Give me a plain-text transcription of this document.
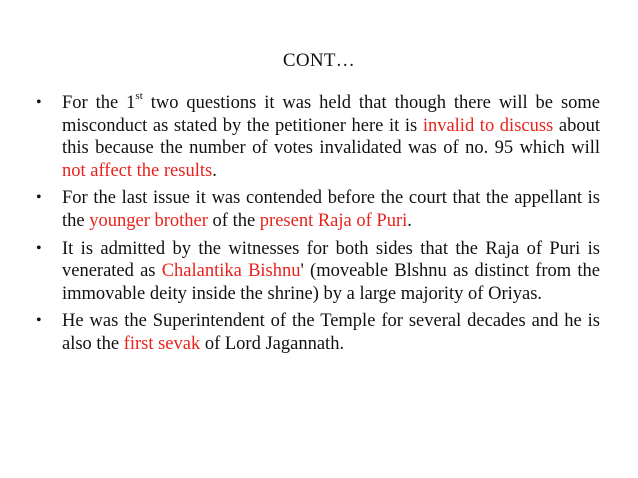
CONT…
• For the 1st two questions it was held that though there will be some misconduct as stated by the petitioner here it is invalid to discuss about this because the number of votes invalidated was of no. 95 which will not affect the results.
• For the last issue it was contended before the court that the appellant is the younger brother of the present Raja of Puri.
• It is admitted by the witnesses for both sides that the Raja of Puri is venerated as Chalantika Bishnu' (moveable Blshnu as distinct from the immovable deity inside the shrine) by a large majority of Oriyas.
• He was the Superintendent of the Temple for several decades and he is also the first sevak of Lord Jagannath.
